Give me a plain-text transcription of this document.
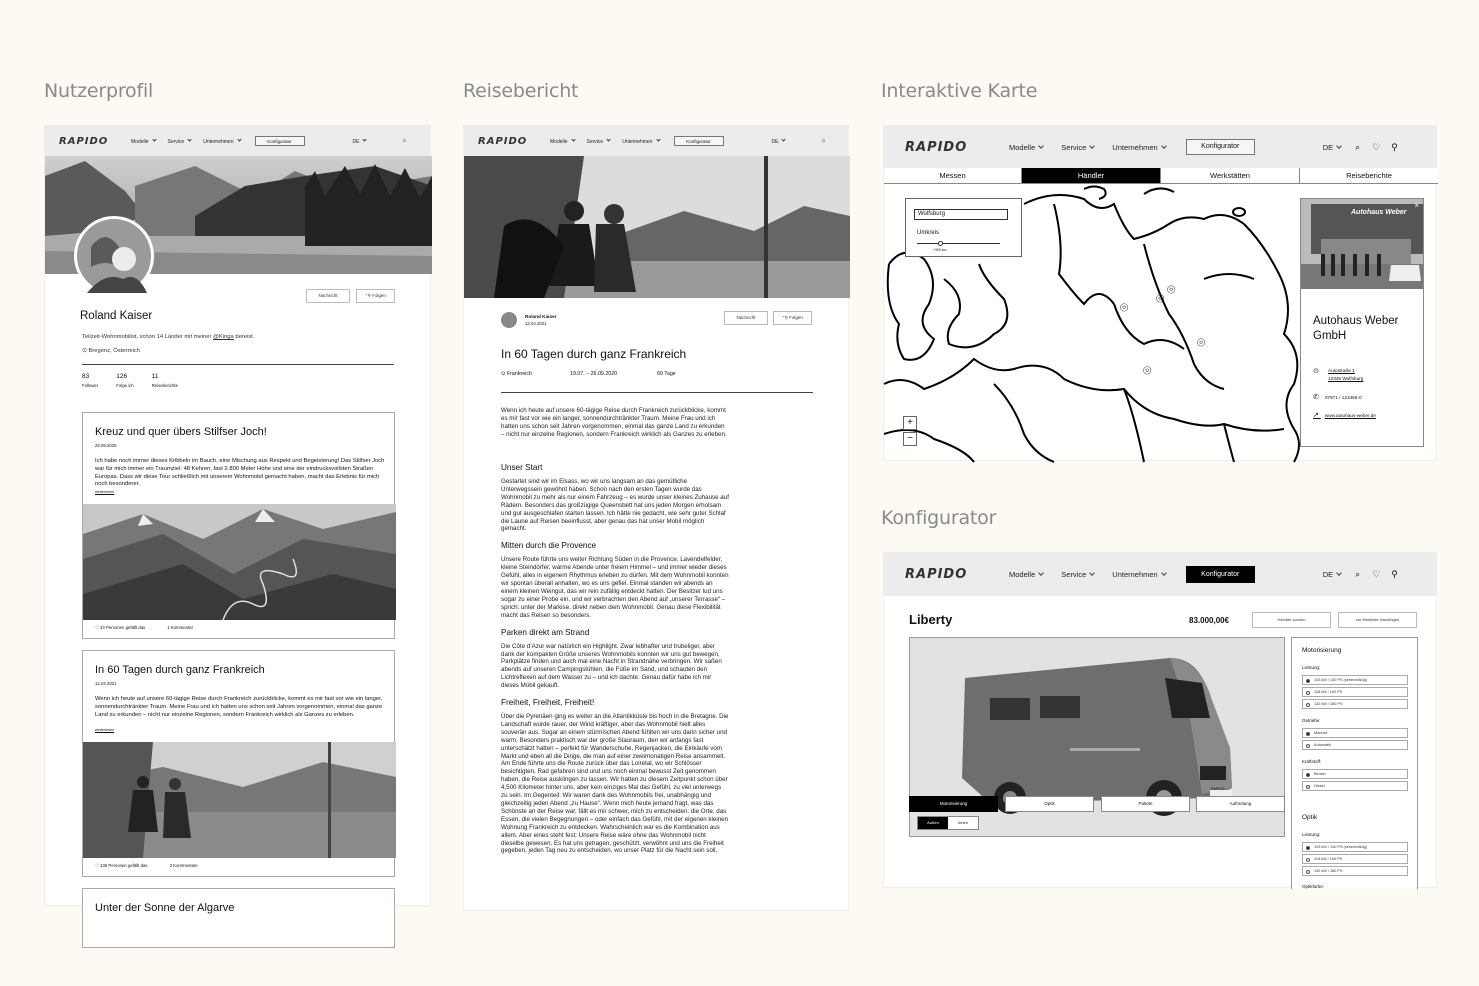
Nutzerprofil	Reisebericht	Interaktive Karte
Konfigurator
RAPIDO	Modelle	Service	Unternehmen	Konfigurator	DE	⌂
Nachricht	⁺⚲ Folgen
Roland Kaiser
Teilzeit-Wohnmobilist, schon 14 Länder mit meiner @Kinga bereist.
⊙ Bregenz, Österreich
83
Follower
126
Folge ich
11
Reiseberichte
Kreuz und quer übers Stilfser Joch!
25.09.2025
Ich habe noch immer dieses Kribbeln im Bauch, eine Mischung aus Respekt und Begeisterung! Das Stilfser Joch war für mich immer ein Traumziel: 48 Kehren, fast 2.800 Meter Höhe und eine der eindrucksvollsten Straßen Europas. Dass wir diese Tour schließlich mit unserem Wohnmobil gemacht haben, macht das Erlebnis für mich noch besonderer.
weiterlesen
♡ 43 Personen gefällt das	1 Kommentar
In 60 Tagen durch ganz Frankreich
12.04.2021
Wenn ich heute auf unsere 60-tägige Reise durch Frankreich zurückblicke, kommt es mir fast vor wie ein langer, sonnendurchtränkter Traum. Meine Frau und ich hatten uns schon seit Jahren vorgenommen, einmal das ganze Land zu erkunden – nicht nur einzelne Regionen, sondern Frankreich wirklich als Ganzes zu erleben.
weiterlesen
♡ 136 Personen gefällt das	3 Kommentare
Unter der Sonne der Algarve
RAPIDO	Modelle	Service	Unternehmen	Konfigurator	DE	⌂
Roland Kaiser
12.04.2021
Nachricht	⁺⚲ Folgen
In 60 Tagen durch ganz Frankreich
⊙ Frankreich	19.07. – 26.09.2020	60 Tage
Wenn ich heute auf unsere 60-tägige Reise durch Frankreich zurückblicke, kommt es mir fast vor wie ein langer, sonnendurchtränkter Traum. Meine Frau und ich hatten uns schon seit Jahren vorgenommen, einmal das ganze Land zu erkunden – nicht nur einzelne Regionen, sondern Frankreich wirklich als Ganzes zu erleben.
Unser Start
Gestartet sind wir im Elsass, wo wir uns langsam an das gemütliche Unterwegssein gewöhnt haben. Schon nach den ersten Tagen wurde das Wohnmobil zu mehr als nur einem Fahrzeug – es wurde unser kleines Zuhause auf Rädern. Besonders das großzügige Queensbett hat uns jeden Morgen erholsam und gut ausgeschlafen starten lassen. Ich hätte nie gedacht, wie sehr guter Schlaf die Laune auf Reisen beeinflusst, aber genau das hat unser Mobil möglich gemacht.
Mitten durch die Provence
Unsere Route führte uns weiter Richtung Süden in die Provence. Lavendelfelder, kleine Steindörfer, warme Abende unter freiem Himmel – und immer wieder dieses Gefühl, alles in eigenem Rhythmus erleben zu dürfen. Mit dem Wohnmobil konnten wir spontan überall anhalten, wo es uns gefiel. Einmal standen wir abends an einem kleinen Weingut, das wir rein zufällig entdeckt hatten. Der Besitzer lud uns sogar zu einer Probe ein, und wir verbrachten den Abend auf „unserer Terrasse“ – sprich: unter der Markise, direkt neben dem Wohnmobil. Genau diese Flexibilität macht das Reisen so besonders.
Parken direkt am Strand
Die Côte d’Azur war natürlich ein Highlight. Zwar lebhafter und trubeliger, aber dank der kompakten Größe unseres Wohnmobils konnten wir uns gut bewegen, Parkplätze finden und auch mal eine Nacht in Strandnähe verbringen. Wir saßen abends auf unseren Campingstühlen, die Füße im Sand, und schauten den Lichtreflexen auf dem Wasser zu – und ich dachte: Genau dafür habe ich mir dieses Mobil gekauft.
Freiheit, Freiheit, Freiheit!
Über die Pyrenäen ging es weiter an die Atlantikküste bis hoch in die Bretagne. Die Landschaft wurde rauer, der Wind kräftiger, aber das Wohnmobil hielt alles souverän aus. Sogar an einem stürmischen Abend fühlten wir uns darin sicher und warm. Besonders praktisch war der große Stauraum, den wir anfangs fast unterschätzt hatten – perfekt für Wanderschuhe, Regenjacken, die Einkäufe vom Markt und eben all die Dinge, die man auf einer zweimonatigen Reise ansammelt. Am Ende führte uns die Route zurück über das Loiretal, wo wir Schlösser besichtigten, Rad gefahren sind und uns noch einmal bewusst Zeit genommen haben, die Reise ausklingen zu lassen. Wir hatten zu diesem Zeitpunkt schon über 4.500 Kilometer hinter uns, aber kein einziges Mal das Gefühl, zu viel unterwegs zu sein. Im Gegenteil: Wir waren dank des Wohnmobils frei, unabhängig und gleichzeitig jeden Abend „zu Hause“. Wenn mich heute jemand fragt, was das Schönste an der Reise war, fällt es mir schwer, mich zu entscheiden: die Orte, das Essen, die vielen Begegnungen – oder einfach das Gefühl, mit der eigenen kleinen Wohnung Frankreich zu entdecken. Wahrscheinlich war es die Kombination aus allem. Aber eines steht fest: Unsere Reise wäre ohne das Wohnmobil nicht dieselbe gewesen. Es hat uns getragen, geschützt, verwöhnt und uns die Freiheit gegeben, jeden Tag neu zu entscheiden, wo unser Platz für die Nacht sein soll.
RAPIDO	Modelle	Service	Unternehmen	Konfigurator	DE	⌕ ♡ ⚲
Messen	Händler	Werkstätten	Reiseberichte
⌾
⌾
⌾
⌾
⌾
Wolfsburg
Umkreis
+300 km
+
−
Autohaus Weber
×
Autohaus Weber GmbH
⊙ Autostraße 1
12345 Wolfsburg
✆ 07971 / 123456-0
↗ www.autohaus-weber.de
RAPIDO	Modelle	Service	Unternehmen	Konfigurator	DE	⌕ ♡ ⚲
Liberty	83.000,00€	Händler suchen	zur Merkliste hinzufügen
RAPIDO
Außen	Innen
Motorisierung	Optik	Pakete	Aufrüstung
Motorisierung
Leistung:
103 kW / 140 PS (serienmäßig)
118 kW / 160 PS
132 kW / 180 PS
Getriebe:
Manuell
Automatik
Kraftstoff:
Benzin
Diesel
Optik
Leistung:
103 kW / 140 PS (serienmäßig)
118 kW / 160 PS
132 kW / 180 PS
Optikfarbe:
